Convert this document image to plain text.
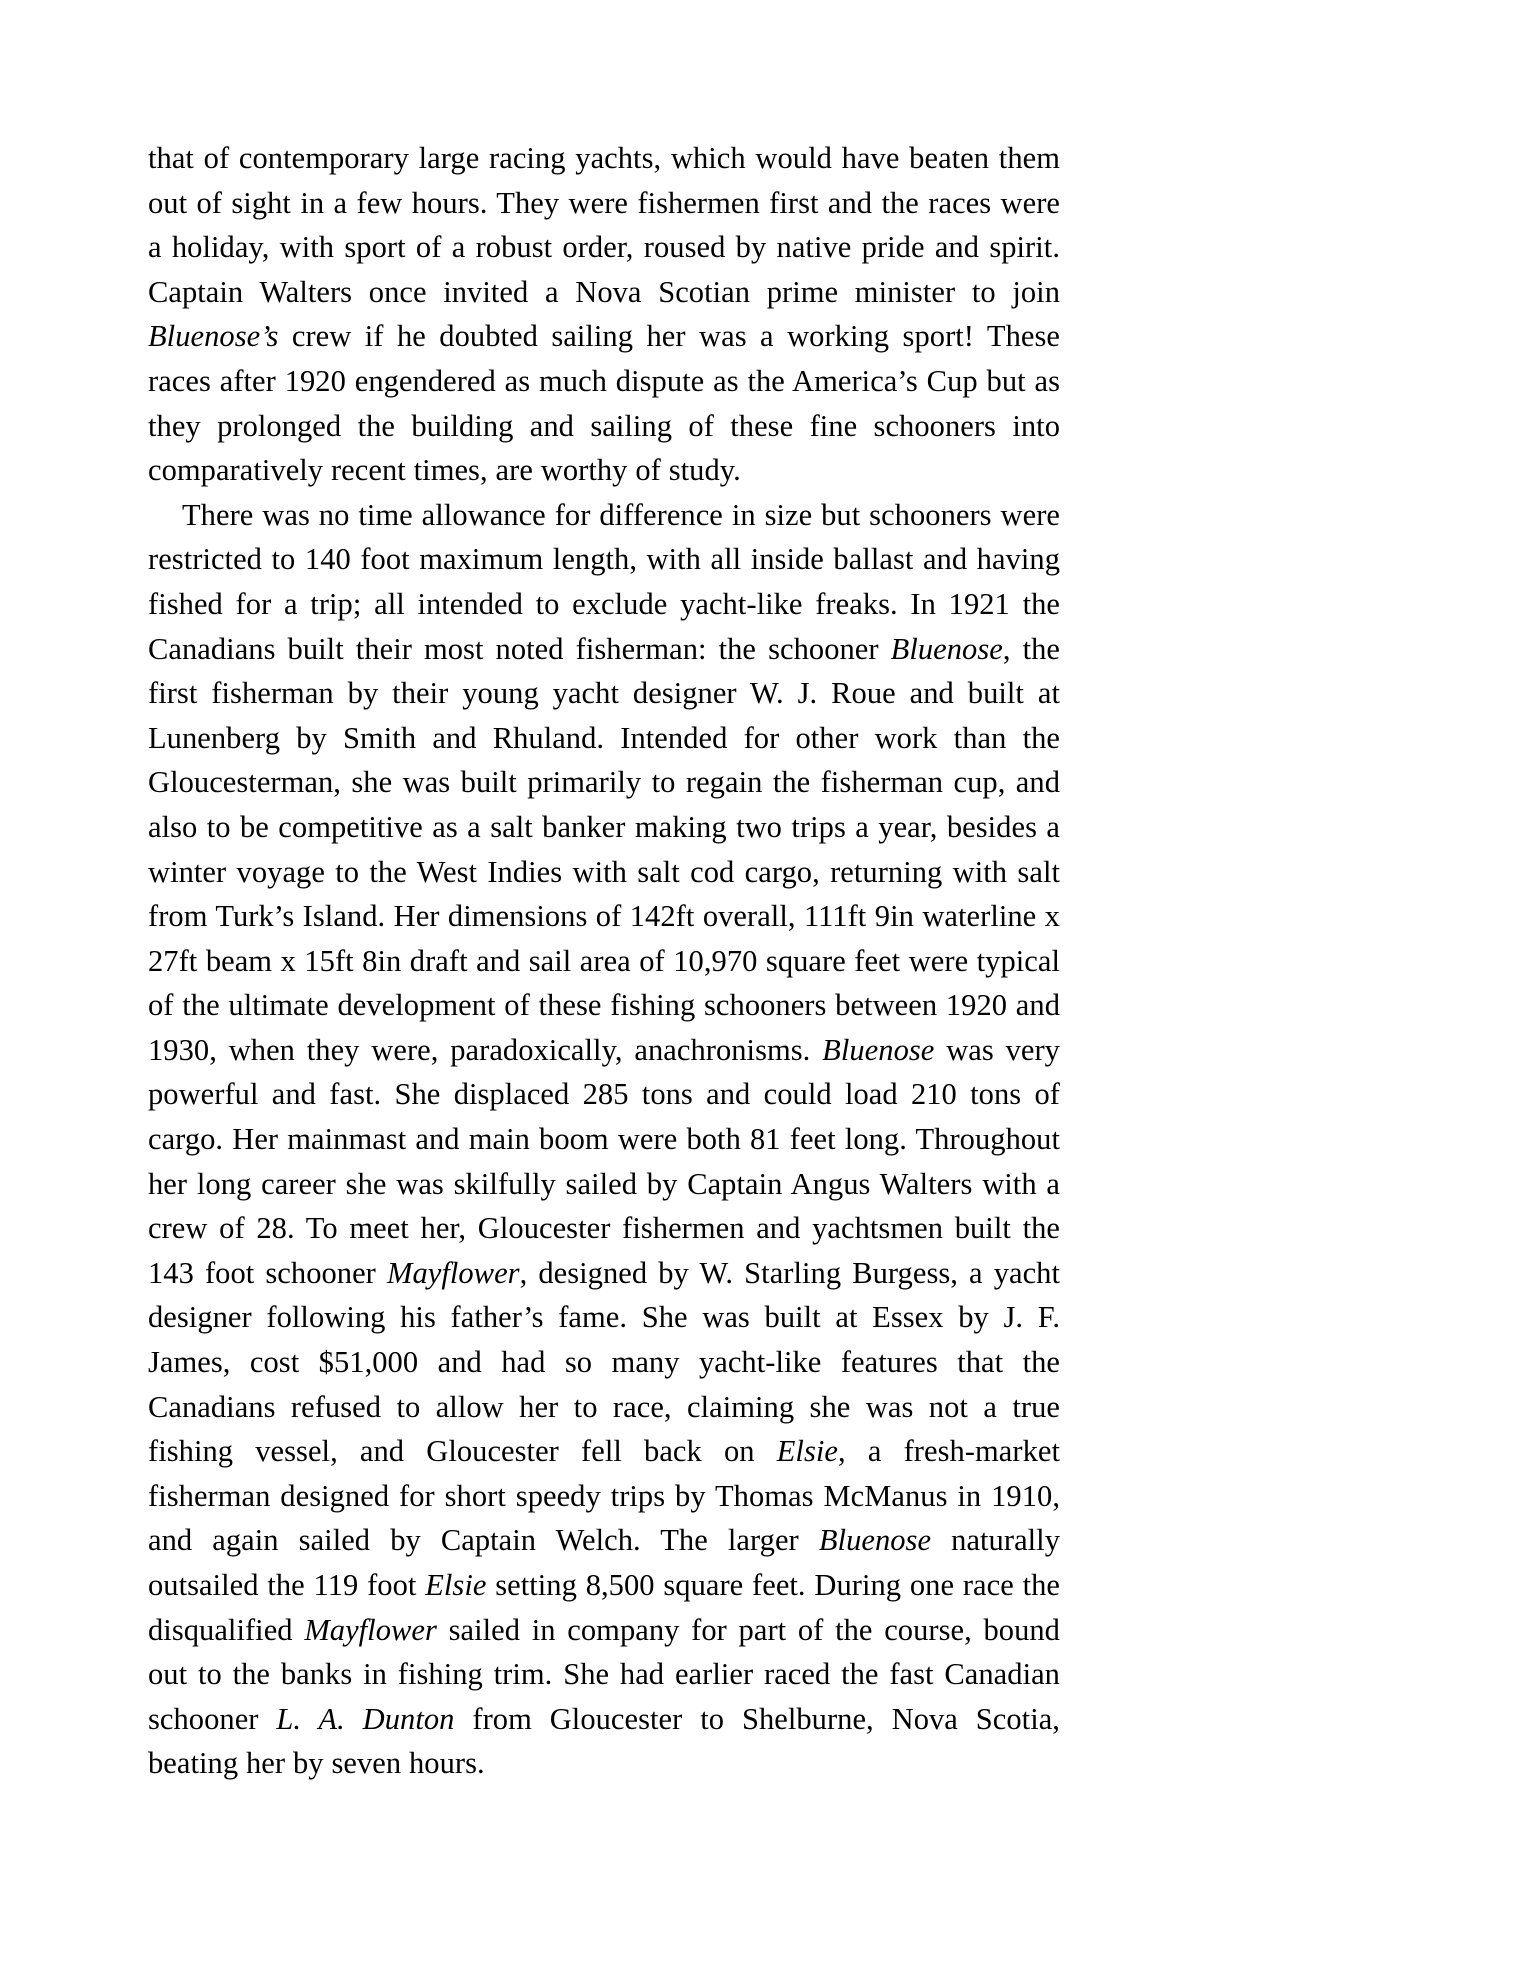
that of contemporary large racing yachts, which would have beaten them out of sight in a few hours. They were fishermen first and the races were a holiday, with sport of a robust order, roused by native pride and spirit. Captain Walters once invited a Nova Scotian prime minister to join Bluenose’s crew if he doubted sailing her was a working sport! These races after 1920 engendered as much dispute as the America’s Cup but as they prolonged the building and sailing of these fine schooners into comparatively recent times, are worthy of study.

There was no time allowance for difference in size but schooners were restricted to 140 foot maximum length, with all inside ballast and having fished for a trip; all intended to exclude yacht-like freaks. In 1921 the Canadians built their most noted fisherman: the schooner Bluenose, the first fisherman by their young yacht designer W. J. Roue and built at Lunenberg by Smith and Rhuland. Intended for other work than the Gloucesterman, she was built primarily to regain the fisherman cup, and also to be competitive as a salt banker making two trips a year, besides a winter voyage to the West Indies with salt cod cargo, returning with salt from Turk’s Island. Her dimensions of 142ft overall, 111ft 9in waterline x 27ft beam x 15ft 8in draft and sail area of 10,970 square feet were typical of the ultimate development of these fishing schooners between 1920 and 1930, when they were, paradoxically, anachronisms. Bluenose was very powerful and fast. She displaced 285 tons and could load 210 tons of cargo. Her mainmast and main boom were both 81 feet long. Throughout her long career she was skilfully sailed by Captain Angus Walters with a crew of 28. To meet her, Gloucester fishermen and yachtsmen built the 143 foot schooner Mayflower, designed by W. Starling Burgess, a yacht designer following his father’s fame. She was built at Essex by J. F. James, cost $51,000 and had so many yacht-like features that the Canadians refused to allow her to race, claiming she was not a true fishing vessel, and Gloucester fell back on Elsie, a fresh-market fisherman designed for short speedy trips by Thomas McManus in 1910, and again sailed by Captain Welch. The larger Bluenose naturally outsailed the 119 foot Elsie setting 8,500 square feet. During one race the disqualified Mayflower sailed in company for part of the course, bound out to the banks in fishing trim. She had earlier raced the fast Canadian schooner L. A. Dunton from Gloucester to Shelburne, Nova Scotia, beating her by seven hours.
